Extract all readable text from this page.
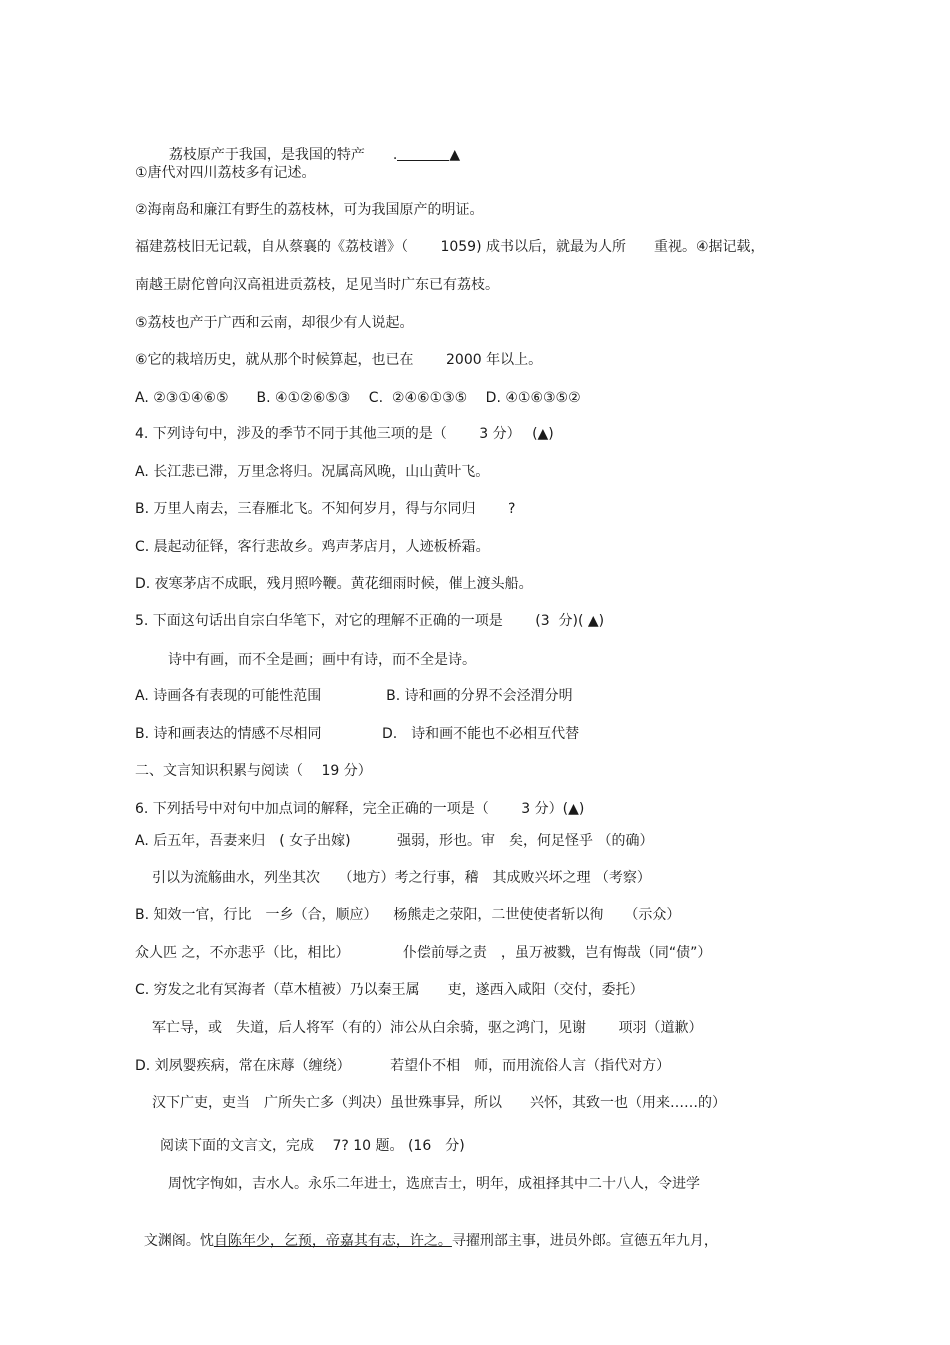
荔枝原产于我国，是我国的特产　　.	▲

①唐代对四川荔枝多有记述。
②海南岛和廉江有野生的荔枝林，可为我国原产的明证。
福建荔枝旧无记载，自从蔡襄的《荔枝谱》（　　 1059) 成书以后，就最为人所　　重视。④据记载，
南越王尉佗曾向汉高祖进贡荔枝，足见当时广东已有荔枝。
⑤荔枝也产于广西和云南，却很少有人说起。
⑥它的栽培历史，就从那个时候算起，也已在　　 2000 年以上。
A. ②③①④⑥⑤　　B. ④①②⑥⑤③　 C.  ②④⑥①③⑤　 D. ④①⑥③⑤②
4. 下列诗句中，涉及的季节不同于其他三项的是（　　 3 分）　 (▲)
A. 长江悲已滞，万里念将归。况属高风晚，山山黄叶飞。
B. 万里人南去，三春雁北飞。不知何岁月，得与尔同归　　 ?
C. 晨起动征铎，客行悲故乡。鸡声茅店月，人迹板桥霜。
D. 夜寒茅店不成眠，残月照吟鞭。黄花细雨时候，催上渡头船。
5. 下面这句话出自宗白华笔下，对它的理解不正确的一项是　　 (3  分)( ▲)
诗中有画，而不全是画；画中有诗，而不全是诗。
A. 诗画各有表现的可能性范围　　　　  B. 诗和画的分界不会泾渭分明
B. 诗和画表达的情感不尽相同　　　　 D.　诗和画不能也不必相互代替
二、文言知识积累与阅读（　 19 分）
6. 下列括号中对句中加点词的解释，完全正确的一项是（　　 3 分）(▲)
A. 后五年，吾妻来归　( 女子出嫁)　　　 强弱，形也。审　矣，何足怪乎 （的确）
引以为流觞曲水，列坐其次　 （地方）考之行事，稽　其成败兴坏之理 （考察）
B. 知效一官，行比　一乡（合，顺应）　  杨熊走之荥阳，二世使使者斩以徇　　（示众）
众人匹 之，不亦悲乎（比，相比）　　　　 仆偿前辱之责　，虽万被戮，岂有悔哉（同“债”）
C. 穷发之北有冥海者（草木植被）乃以秦王属　　吏，遂西入咸阳（交付，委托）
军亡导，或　失道，后人将军（有的）沛公从白余骑，驱之鸿门，见谢　　 项羽（道歉）
D. 刘夙婴疾病，常在床蓐（缠绕）　　　 若望仆不相　师，而用流俗人言（指代对方）
汉下广吏，吏当　广所失亡多（判决）虽世殊事异，所以　　兴怀，其致一也（用来……的）
阅读下面的文言文，完成　 7? 10 题。 (16　分)
周忱字恂如，吉水人。永乐二年进士，选庶吉士，明年，成祖择其中二十八人，令进学

文渊阁。忱自陈年少，乞预，帝嘉其有志，许之。寻擢刑部主事，进员外郎。宣德五年九月，
